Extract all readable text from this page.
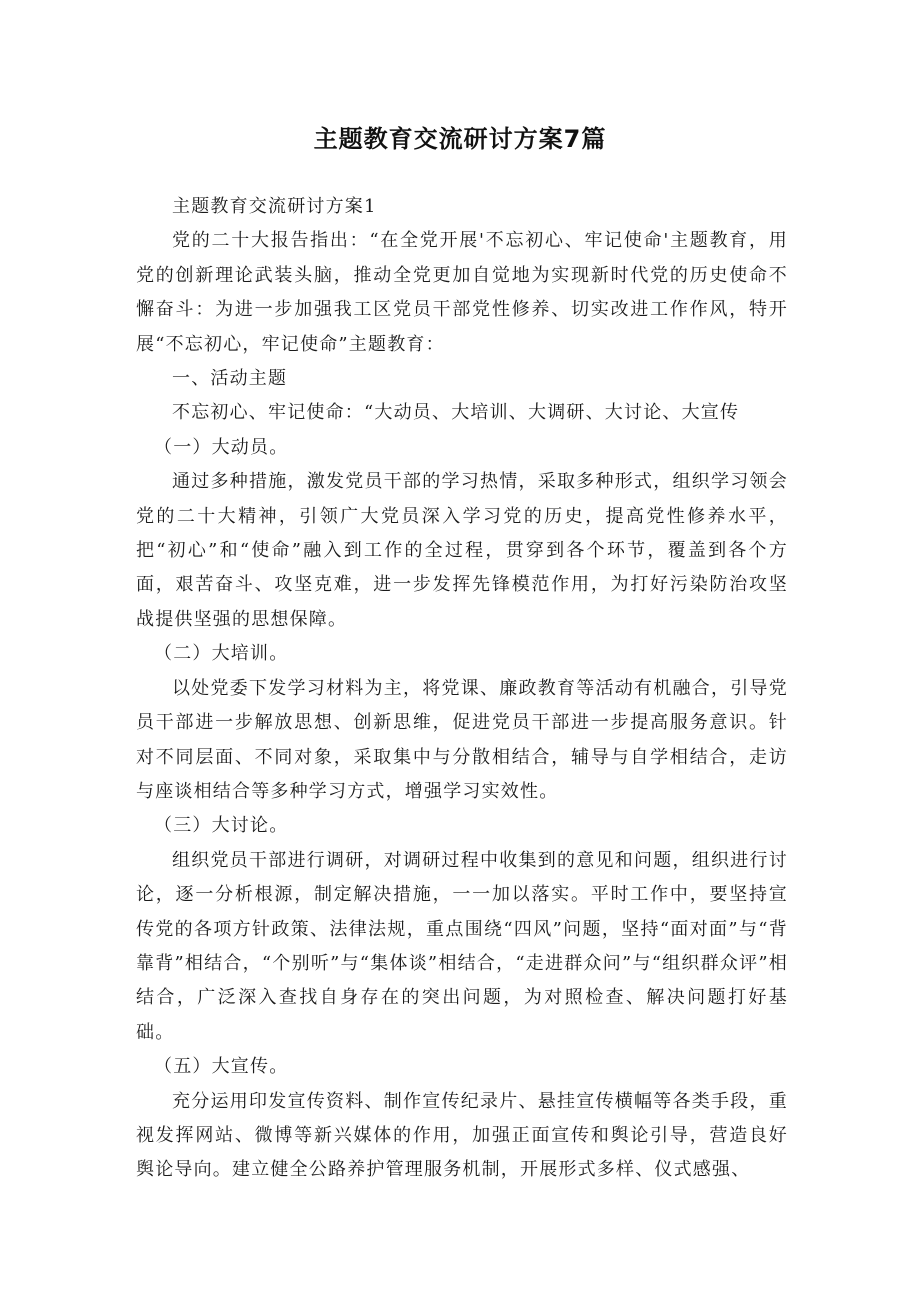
主题教育交流研讨方案7篇

主题教育交流研讨方案1

党的二十大报告指出：“在全党开展'不忘初心、牢记使命'主题教育，用党的创新理论武装头脑，推动全党更加自觉地为实现新时代党的历史使命不懈奋斗：为进一步加强我工区党员干部党性修养、切实改进工作作风，特开展“不忘初心，牢记使命”主题教育：

一、活动主题

不忘初心、牢记使命：“大动员、大培训、大调研、大讨论、大宣传

（一）大动员。

通过多种措施，激发党员干部的学习热情，采取多种形式，组织学习领会党的二十大精神，引领广大党员深入学习党的历史，提高党性修养水平，把“初心”和“使命”融入到工作的全过程，贯穿到各个环节，覆盖到各个方面，艰苦奋斗、攻坚克难，进一步发挥先锋模范作用，为打好污染防治攻坚战提供坚强的思想保障。

（二）大培训。

以处党委下发学习材料为主，将党课、廉政教育等活动有机融合，引导党员干部进一步解放思想、创新思维，促进党员干部进一步提高服务意识。针对不同层面、不同对象，采取集中与分散相结合，辅导与自学相结合，走访与座谈相结合等多种学习方式，增强学习实效性。

（三）大讨论。

组织党员干部进行调研，对调研过程中收集到的意见和问题，组织进行讨论，逐一分析根源，制定解决措施，一一加以落实。平时工作中，要坚持宣传党的各项方针政策、法律法规，重点围绕“四风”问题，坚持“面对面”与“背靠背”相结合，“个别听”与“集体谈”相结合，“走进群众问”与“组织群众评”相结合，广泛深入查找自身存在的突出问题，为对照检查、解决问题打好基础。

（五）大宣传。

充分运用印发宣传资料、制作宣传纪录片、悬挂宣传横幅等各类手段，重视发挥网站、微博等新兴媒体的作用，加强正面宣传和舆论引导，营造良好舆论导向。建立健全公路养护管理服务机制，开展形式多样、仪式感强、
